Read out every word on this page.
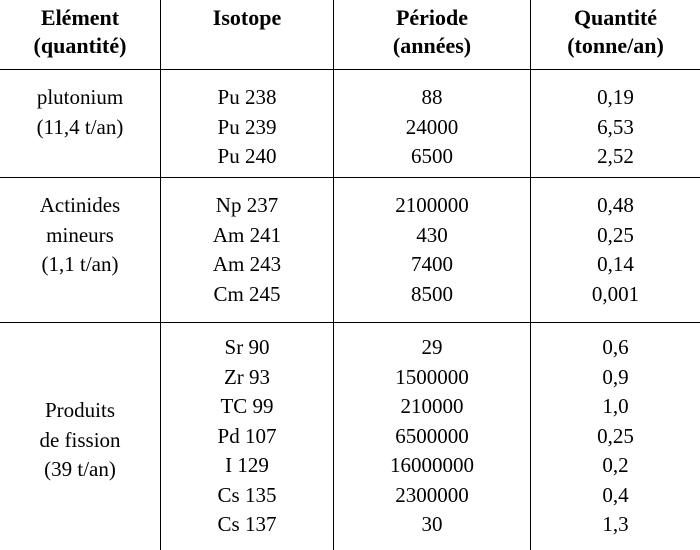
Elément
(quantité)
Isotope	Période
(années)
Quantité
(tonne/an)
plutonium
(11,4 t/an)
Pu 238
Pu 239
Pu 240
88
24000
6500
0,19
6,53
2,52
Actinides
mineurs
(1,1 t/an)
Np 237
Am 241
Am 243
Cm 245
2100000
430
7400
8500
0,48
0,25
0,14
0,001
Produits
de fission
(39 t/an)
Sr 90
Zr 93
TC 99
Pd 107
I 129
Cs 135
Cs 137
29
1500000
210000
6500000
16000000
2300000
30
0,6
0,9
1,0
0,25
0,2
0,4
1,3
